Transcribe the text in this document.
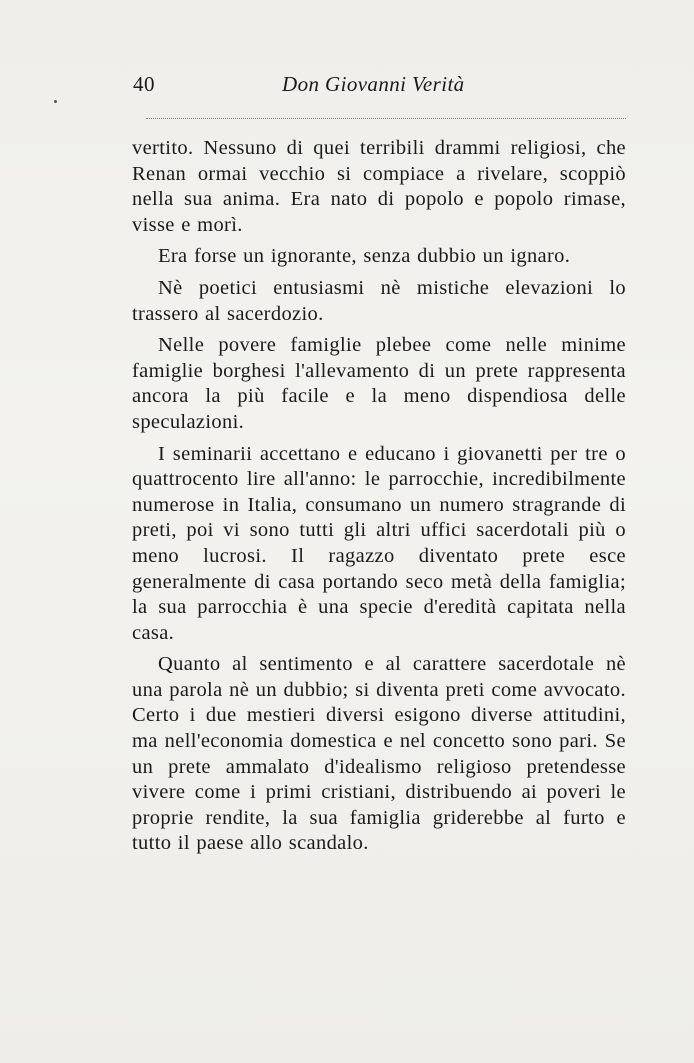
40	Don Giovanni Verità

vertito. Nessuno di quei terribili drammi religiosi, che Renan ormai vecchio si compiace a rivelare, scoppiò nella sua anima. Era nato di popolo e popolo rimase, visse e morì.

Era forse un ignorante, senza dubbio un ignaro.

Nè poetici entusiasmi nè mistiche elevazioni lo trassero al sacerdozio.

Nelle povere famiglie plebee come nelle minime famiglie borghesi l'allevamento di un prete rappresenta ancora la più facile e la meno dispendiosa delle speculazioni.

I seminarii accettano e educano i giovanetti per tre o quattrocento lire all'anno: le parrocchie, incredibilmente numerose in Italia, consumano un numero stragrande di preti, poi vi sono tutti gli altri uffici sacerdotali più o meno lucrosi. Il ragazzo diventato prete esce generalmente di casa portando seco metà della famiglia; la sua parrocchia è una specie d'eredità capitata nella casa.

Quanto al sentimento e al carattere sacerdotale nè una parola nè un dubbio; si diventa preti come avvocato. Certo i due mestieri diversi esigono diverse attitudini, ma nell'economia domestica e nel concetto sono pari. Se un prete ammalato d'idealismo religioso pretendesse vivere come i primi cristiani, distribuendo ai poveri le proprie rendite, la sua famiglia griderebbe al furto e tutto il paese allo scandalo.
